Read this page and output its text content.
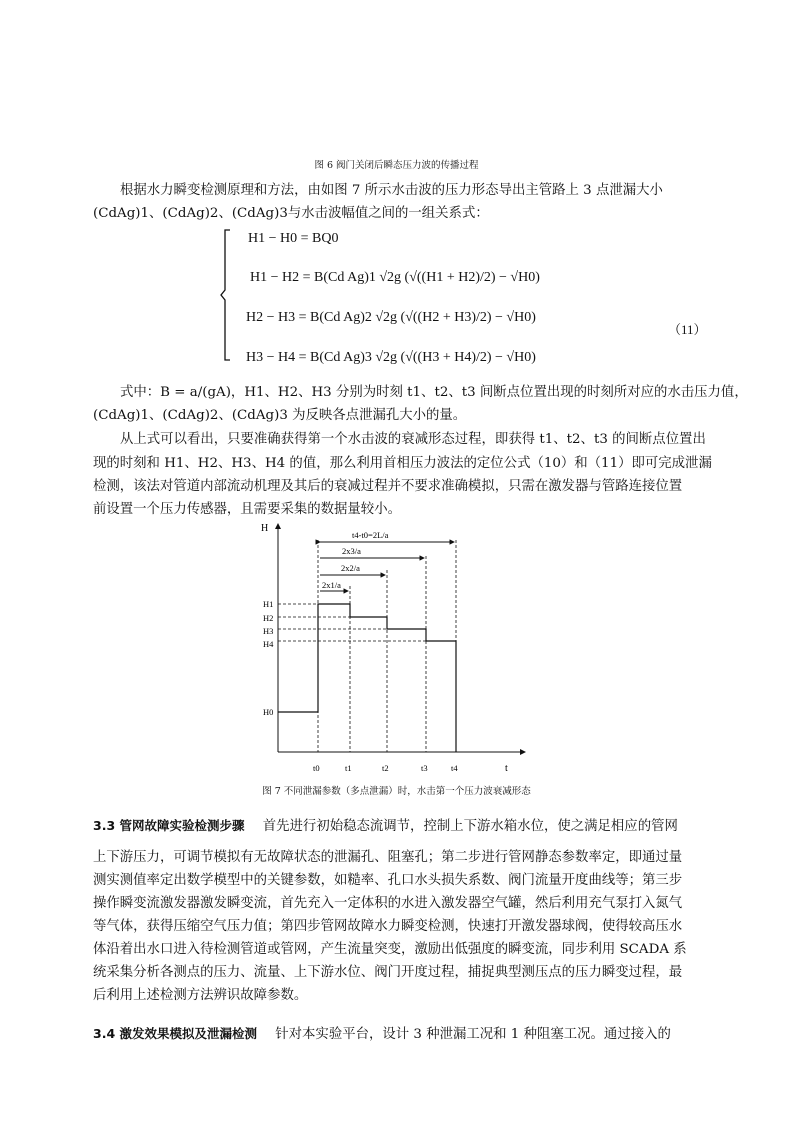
图 6 阀门关闭后瞬态压力波的传播过程
根据水力瞬变检测原理和方法，由如图 7 所示水击波的压力形态导出主管路上 3 点泄漏大小
(CdAg)1、(CdAg)2、(CdAg)3与水击波幅值之间的一组关系式：
H1 − H0 = BQ0
H1 − H2 = B(Cd Ag)1 √2g (√((H1 + H2)/2) − √H0)
H2 − H3 = B(Cd Ag)2 √2g (√((H2 + H3)/2) − √H0)
H3 − H4 = B(Cd Ag)3 √2g (√((H3 + H4)/2) − √H0)
（11）
式中：B = a/(gA)，H1、H2、H3 分别为时刻 t1、t2、t3 间断点位置出现的时刻所对应的水击压力值，
(CdAg)1、(CdAg)2、(CdAg)3 为反映各点泄漏孔大小的量。
从上式可以看出，只要准确获得第一个水击波的衰减形态过程，即获得 t1、t2、t3 的间断点位置出
现的时刻和 H1、H2、H3、H4 的值，那么利用首相压力波法的定位公式（10）和（11）即可完成泄漏
检测，该法对管道内部流动机理及其后的衰减过程并不要求准确模拟，只需在激发器与管路连接位置
前设置一个压力传感器，且需要采集的数据量较小。
H
t
t4-t0=2L/a
2x3/a
2x2/a
2x1/a
H1
H2
H3
H4
H0
t0	t1	t2	t3	t4
图 7 不同泄漏参数（多点泄漏）时，水击第一个压力波衰减形态
3.3 管网故障实验检测步骤 首先进行初始稳态流调节，控制上下游水箱水位，使之满足相应的管网
上下游压力，可调节模拟有无故障状态的泄漏孔、阻塞孔；第二步进行管网静态参数率定，即通过量
测实测值率定出数学模型中的关键参数，如糙率、孔口水头损失系数、阀门流量开度曲线等；第三步
操作瞬变流激发器激发瞬变流，首先充入一定体积的水进入激发器空气罐，然后利用充气泵打入氮气
等气体，获得压缩空气压力值；第四步管网故障水力瞬变检测，快速打开激发器球阀，使得较高压水
体沿着出水口进入待检测管道或管网，产生流量突变，激励出低强度的瞬变流，同步利用 SCADA 系
统采集分析各测点的压力、流量、上下游水位、阀门开度过程，捕捉典型测压点的压力瞬变过程，最
后利用上述检测方法辨识故障参数。
3.4 激发效果模拟及泄漏检测 针对本实验平台，设计 3 种泄漏工况和 1 种阻塞工况。通过接入的
